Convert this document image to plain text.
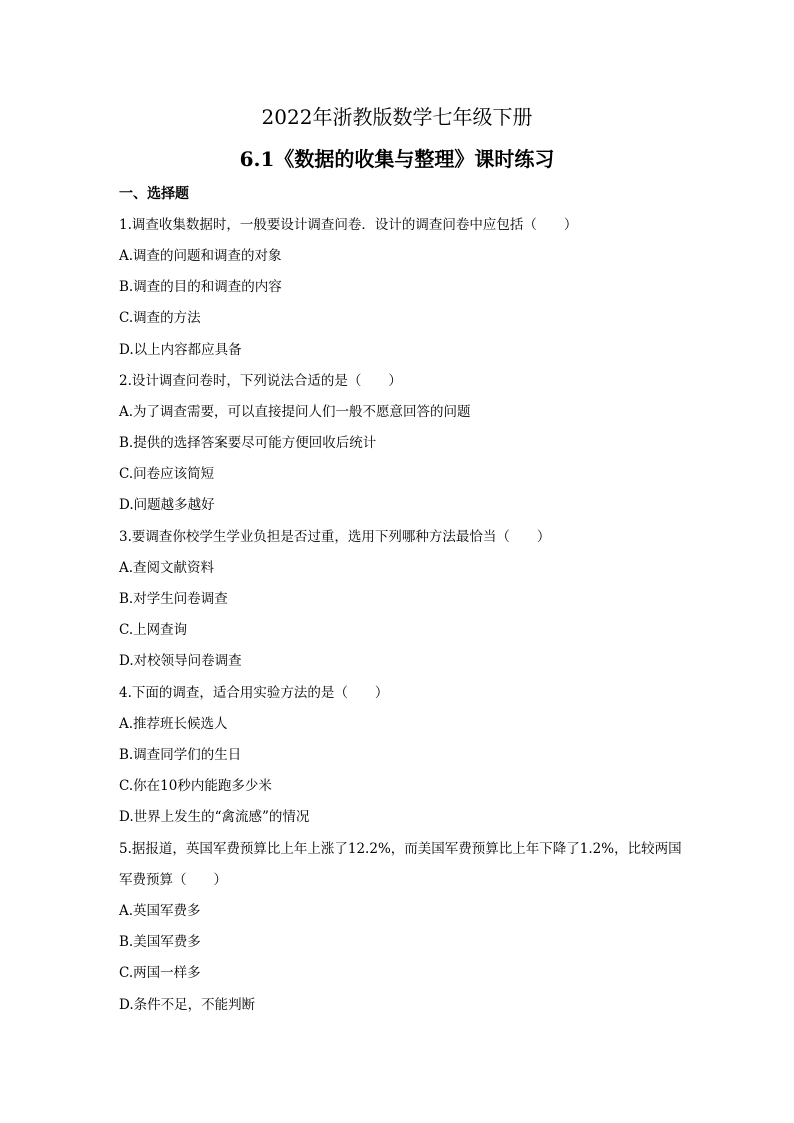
2022年浙教版数学七年级下册
6.1《数据的收集与整理》课时练习
一、选择题
1.调查收集数据时，一般要设计调查问卷．设计的调查问卷中应包括（　　）
A.调查的问题和调查的对象
B.调查的目的和调查的内容
C.调查的方法
D.以上内容都应具备
2.设计调查问卷时，下列说法合适的是（　　）
A.为了调查需要，可以直接提问人们一般不愿意回答的问题
B.提供的选择答案要尽可能方便回收后统计
C.问卷应该简短
D.问题越多越好
3.要调查你校学生学业负担是否过重，选用下列哪种方法最恰当（　　）
A.查阅文献资料
B.对学生问卷调查
C.上网查询
D.对校领导问卷调查
4.下面的调查，适合用实验方法的是（　　）
A.推荐班长候选人
B.调查同学们的生日
C.你在10秒内能跑多少米
D.世界上发生的“禽流感”的情况
5.据报道，英国军费预算比上年上涨了12.2%，而美国军费预算比上年下降了1.2%，比较两国
军费预算（　　）
A.英国军费多
B.美国军费多
C.两国一样多
D.条件不足，不能判断
